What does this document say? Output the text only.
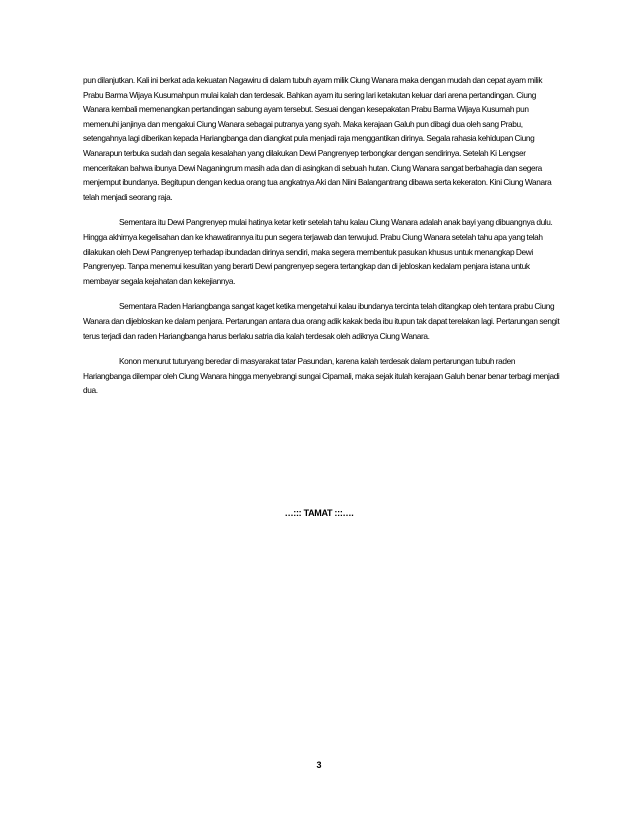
pun dilanjutkan. Kali ini berkat ada kekuatan Nagawiru di dalam tubuh ayam milik Ciung Wanara maka dengan mudah dan cepat ayam milik Prabu Barma Wijaya Kusumahpun mulai kalah dan terdesak. Bahkan ayam itu sering lari ketakutan keluar dari arena pertandingan. Ciung Wanara kembali memenangkan pertandingan sabung ayam tersebut. Sesuai dengan kesepakatan Prabu Barma Wijaya Kusumah pun memenuhi janjinya dan mengakui Ciung Wanara sebagai putranya yang syah. Maka kerajaan Galuh pun dibagi dua oleh sang Prabu, setengahnya lagi diberikan kepada Hariangbanga dan diangkat pula menjadi raja menggantikan dirinya. Segala rahasia kehidupan Ciung Wanarapun terbuka sudah dan segala kesalahan yang dilakukan Dewi Pangrenyep terbongkar dengan sendirinya. Setelah Ki Lengser menceritakan bahwa ibunya Dewi Naganingrum masih ada dan di asingkan di sebuah hutan. Ciung Wanara sangat berbahagia dan segera menjemput ibundanya. Begitupun dengan kedua orang tua angkatnya Aki dan Niini Balangantrang dibawa serta kekeraton. Kini Ciung Wanara telah menjadi seorang raja.

Sementara itu Dewi Pangrenyep mulai hatinya ketar ketir setelah tahu kalau Ciung Wanara adalah anak bayi yang dibuangnya dulu. Hingga akhirnya kegelisahan dan ke khawatirannya itu pun segera terjawab dan terwujud. Prabu Ciung Wanara setelah tahu apa yang telah dilakukan oleh Dewi Pangrenyep terhadap ibundadan dirinya sendiri, maka segera membentuk pasukan khusus untuk menangkap Dewi Pangrenyep. Tanpa menemui kesulitan yang berarti Dewi pangrenyep segera tertangkap dan di jebloskan kedalam penjara istana untuk membayar segala kejahatan dan kekejiannya.

Sementara Raden Hariangbanga sangat kaget ketika mengetahui kalau ibundanya tercinta telah ditangkap oleh tentara prabu Ciung Wanara dan dijebloskan ke dalam penjara. Pertarungan antara dua orang adik kakak beda ibu itupun tak dapat terelakan lagi. Pertarungan sengit terus terjadi dan raden Hariangbanga harus berlaku satria dia kalah terdesak oleh adiknya Ciung Wanara.

Konon menurut tuturyang beredar di masyarakat tatar Pasundan, karena kalah terdesak dalam pertarungan tubuh raden Hariangbanga dilempar oleh Ciung Wanara hingga menyebrangi sungai Cipamali, maka sejak itulah kerajaan Galuh benar benar terbagi menjadi dua.

…::: TAMAT :::….
3
